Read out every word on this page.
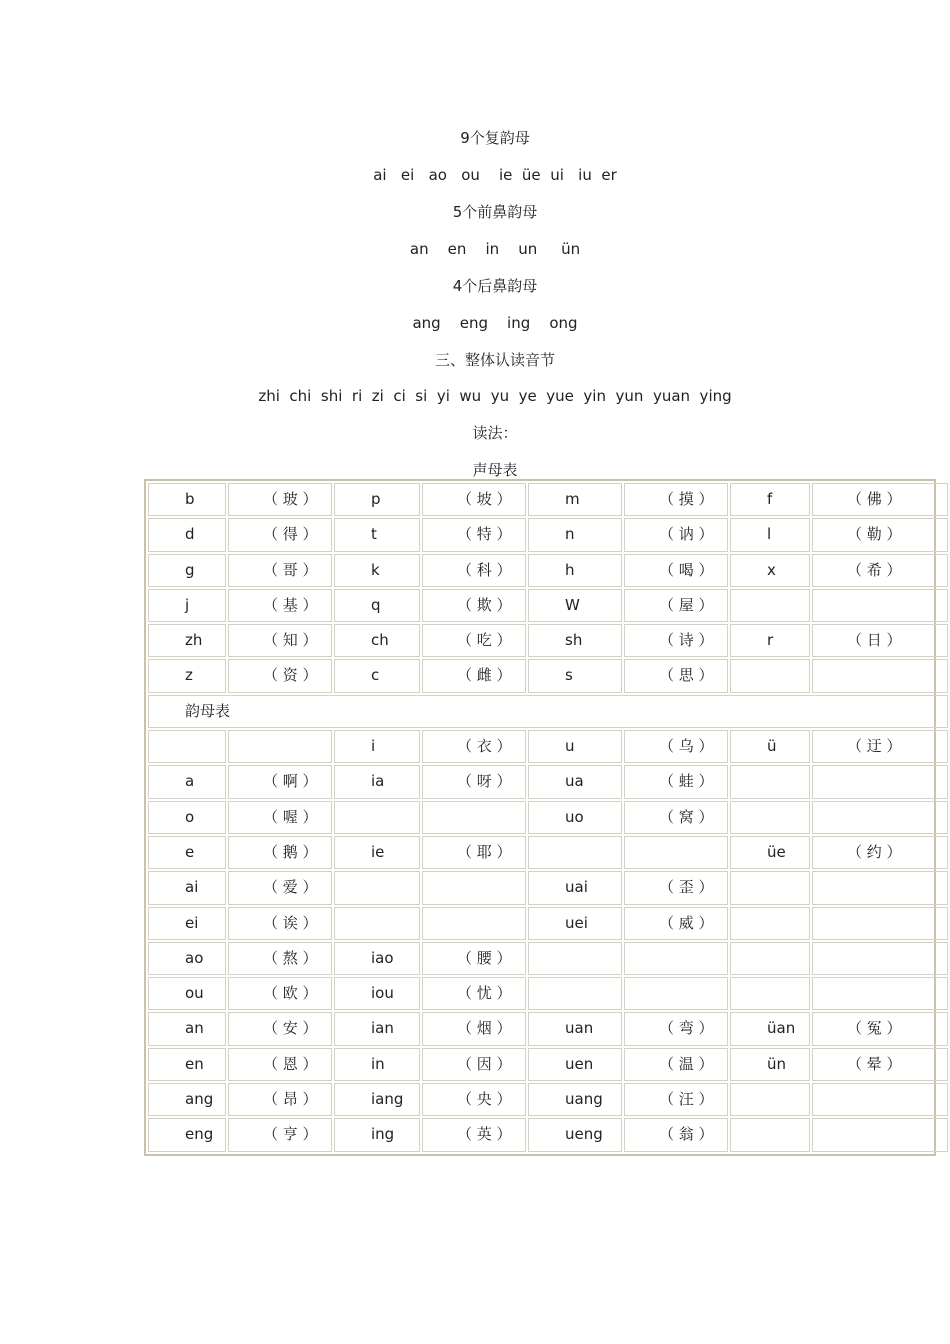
9个复韵母
ai   ei   ao   ou    ie  üe  ui   iu  er
5个前鼻韵母
an    en    in    un     ün
4个后鼻韵母
ang    eng    ing    ong
三、整体认读音节
zhi  chi  shi  ri  zi  ci  si  yi  wu  yu  ye  yue  yin  yun  yuan  ying
读法：
声母表
b	（ 玻 ）	p	（ 坡 ）	m	（ 摸 ）	f	（ 佛 ）
d	（ 得 ）	t	（ 特 ）	n	（ 讷 ）	l	（ 勒 ）
g	（ 哥 ）	k	（ 科 ）	h	（ 喝 ）	x	（ 希 ）
j	（ 基 ）	q	（ 欺 ）	W	（ 屋 ）		
zh	（ 知 ）	ch	（ 吃 ）	sh	（ 诗 ）	r	（ 日 ）
z	（ 资 ）	c	（ 雌 ）	s	（ 思 ）		
韵母表							
		i	（ 衣 ）	u	（ 乌 ）	ü	（ 迂 ）
a	（ 啊 ）	ia	（ 呀 ）	ua	（ 蛙 ）		
o	（ 喔 ）			uo	（ 窝 ）		
e	（ 鹅 ）	ie	（ 耶 ）			üe	（ 约 ）
ai	（ 爱 ）			uai	（ 歪 ）		
ei	（ 诶 ）			uei	（ 威 ）		
ao	（ 熬 ）	iao	（ 腰 ）				
ou	（ 欧 ）	iou	（ 忧 ）				
an	（ 安 ）	ian	（ 烟 ）	uan	（ 弯 ）	üan	（ 冤 ）
en	（ 恩 ）	in	（ 因 ）	uen	（ 温 ）	ün	（ 晕 ）
ang	（ 昂 ）	iang	（ 央 ）	uang	（ 汪 ）		
eng	（ 亨 ）	ing	（ 英 ）	ueng	（ 翁 ）		
